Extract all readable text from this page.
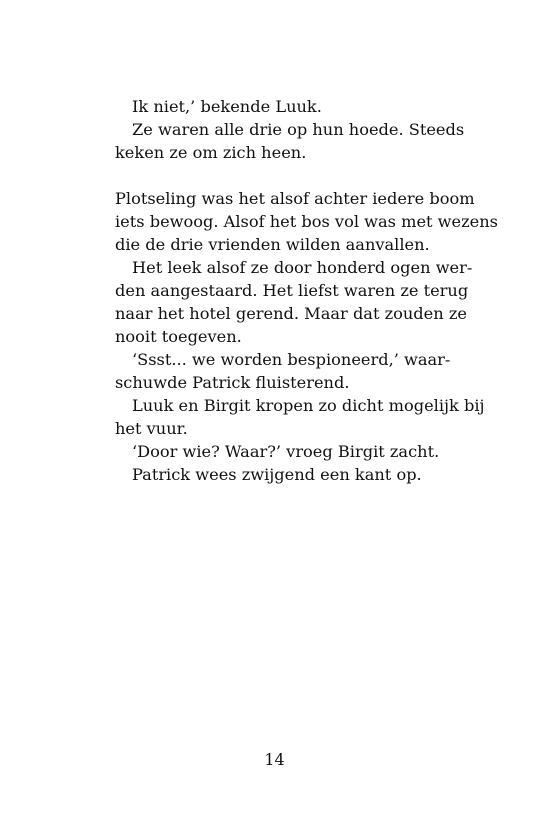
Ik niet,’ bekende Luuk.
Ze waren alle drie op hun hoede. Steeds
keken ze om zich heen.
Plotseling was het alsof achter iedere boom
iets bewoog. Alsof het bos vol was met wezens
die de drie vrienden wilden aanvallen.
Het leek alsof ze door honderd ogen wer-
den aangestaard. Het liefst waren ze terug
naar het hotel gerend. Maar dat zouden ze
nooit toegeven.
‘Ssst... we worden bespioneerd,’ waar-
schuwde Patrick fluisterend.
Luuk en Birgit kropen zo dicht mogelijk bij
het vuur.
‘Door wie? Waar?’ vroeg Birgit zacht.
Patrick wees zwijgend een kant op.
14
